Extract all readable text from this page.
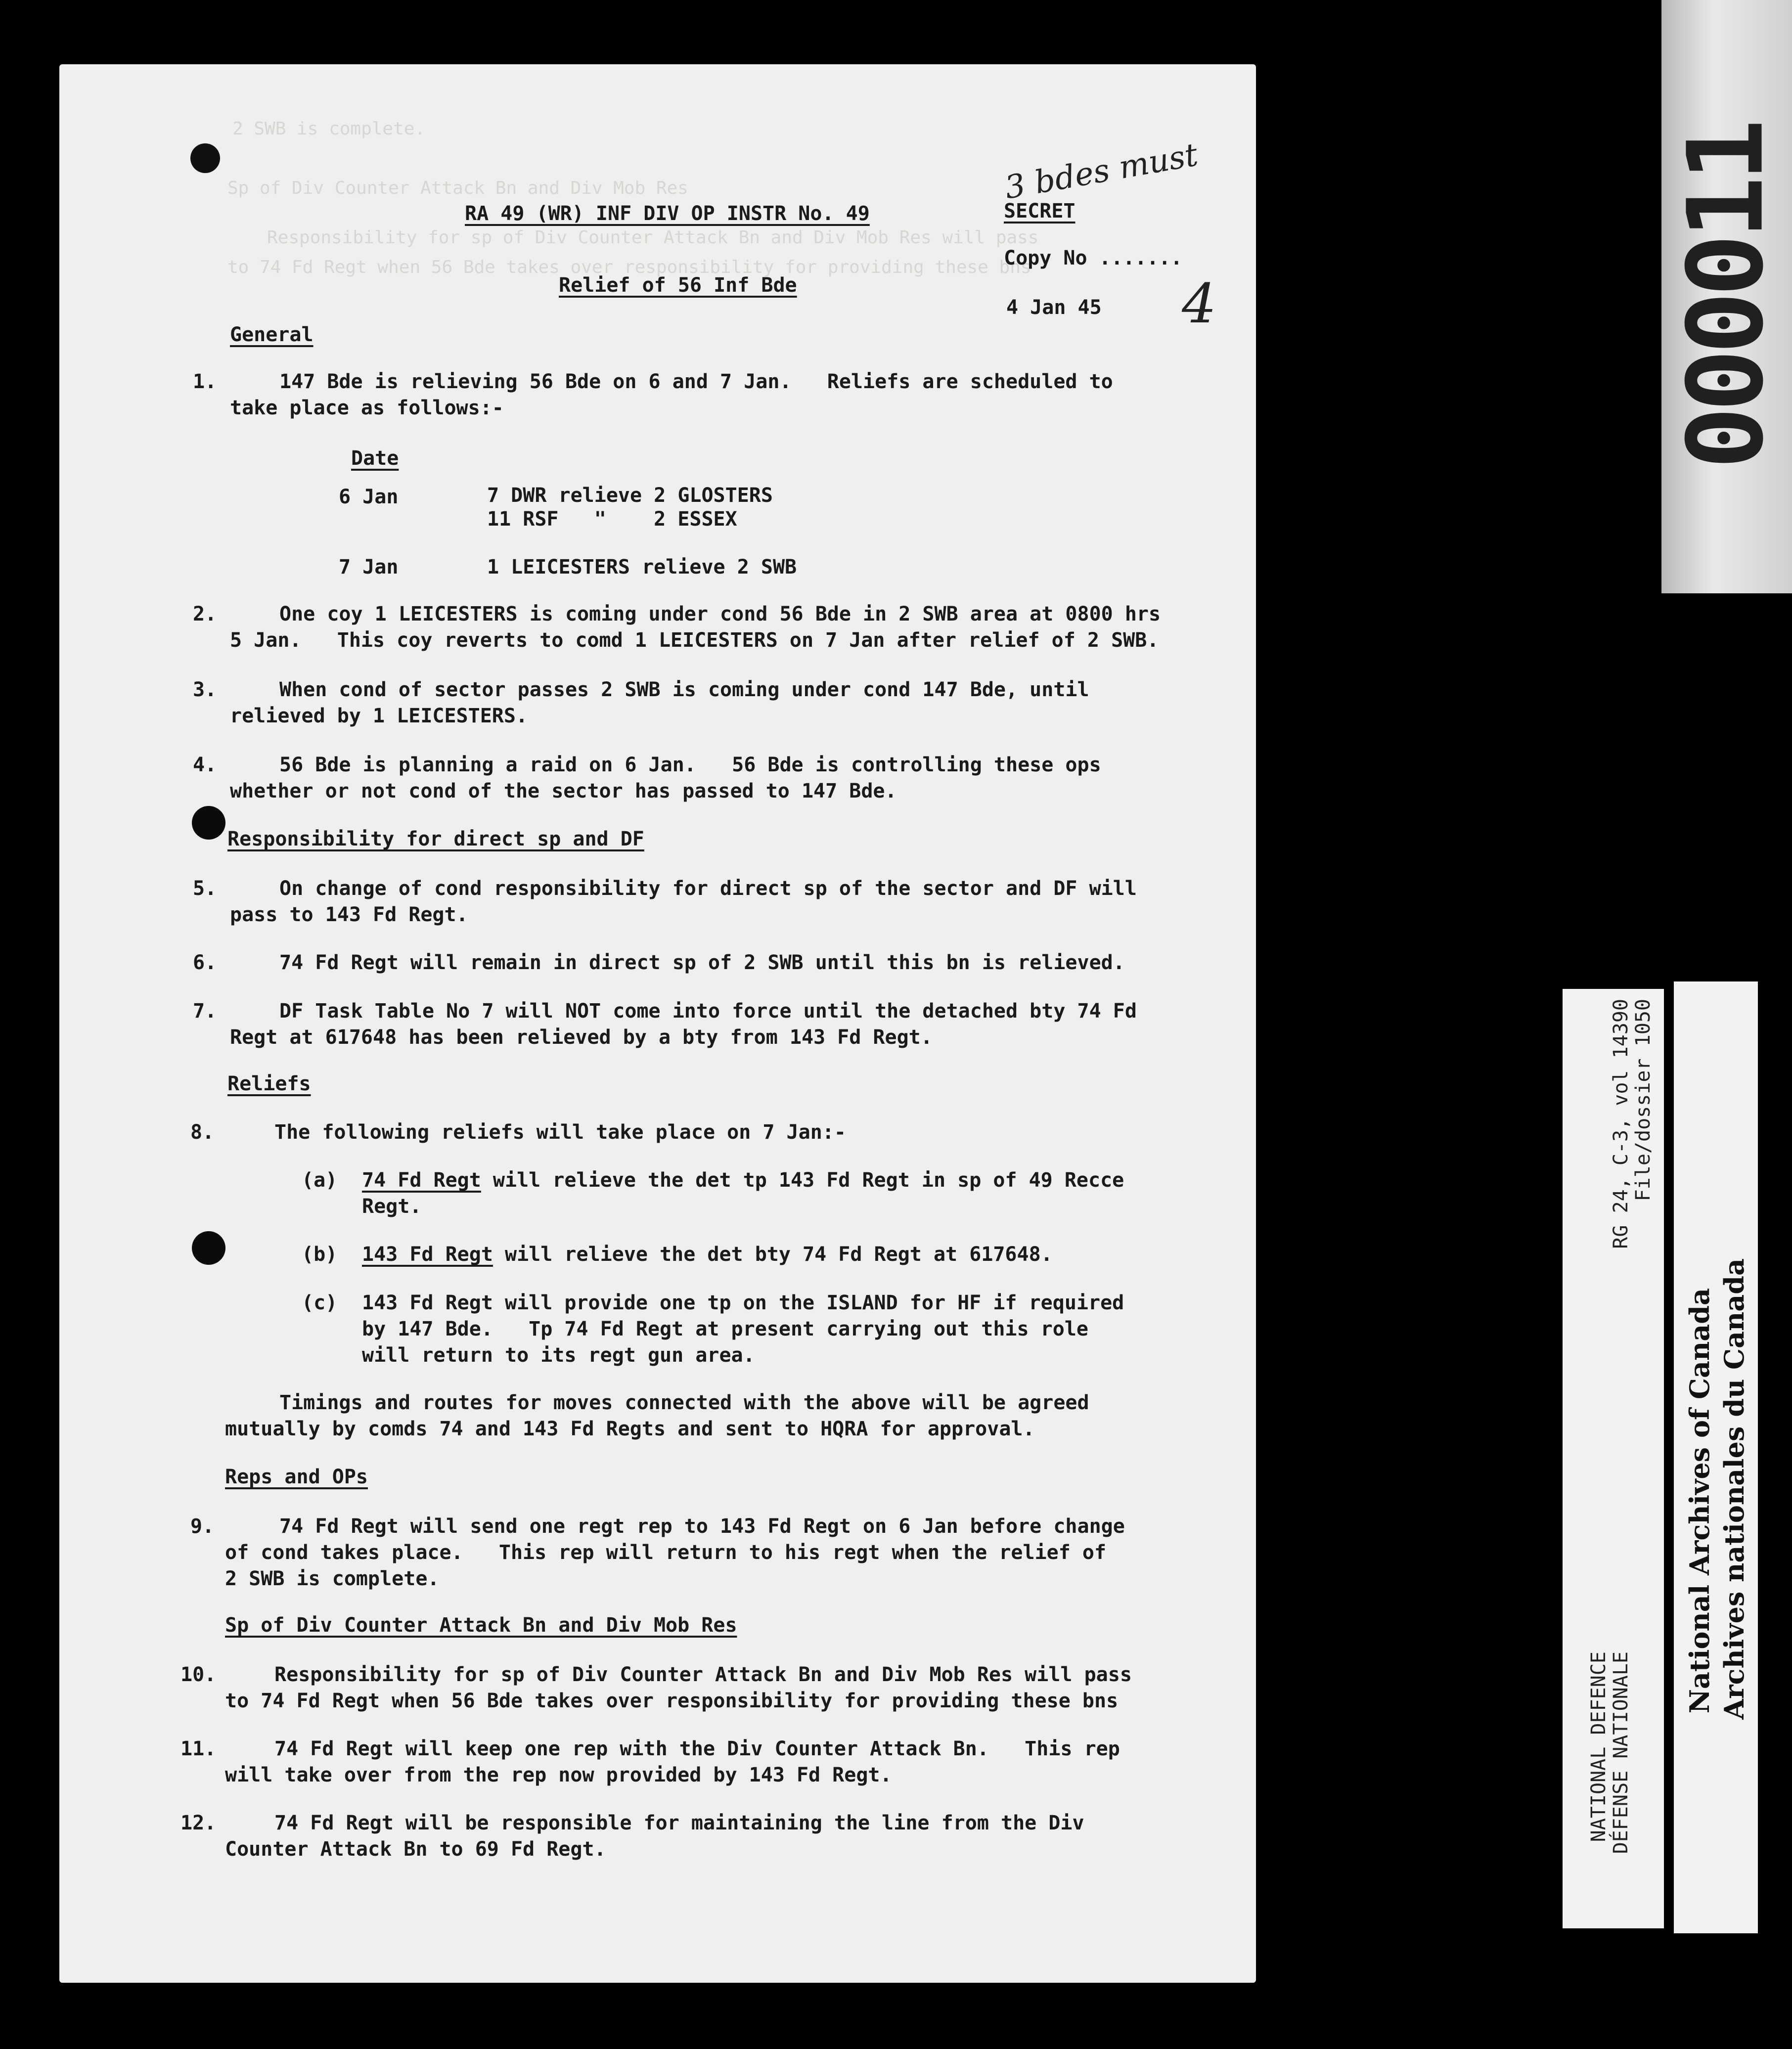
2 SWB is complete.
Sp of Div Counter Attack Bn and Div Mob Res
Responsibility for sp of Div Counter Attack Bn and Div Mob Res will pass
to 74 Fd Regt when 56 Bde takes over responsibility for providing these bns
3 bdes must
4
RA 49 (WR) INF DIV OP INSTR No. 49	SECRET
Copy No .......
Relief of 56 Inf Bde
4 Jan 45
General
1.	147 Bde is relieving 56 Bde on 6 and 7 Jan.   Reliefs are scheduled to
take place as follows:-
Date
6 Jan	7 DWR relieve 2 GLOSTERS
11 RSF   "    2 ESSEX
7 Jan	1 LEICESTERS relieve 2 SWB
2.	One coy 1 LEICESTERS is coming under cond 56 Bde in 2 SWB area at 0800 hrs
5 Jan.   This coy reverts to comd 1 LEICESTERS on 7 Jan after relief of 2 SWB.
3.	When cond of sector passes 2 SWB is coming under cond 147 Bde, until
relieved by 1 LEICESTERS.
4.	56 Bde is planning a raid on 6 Jan.   56 Bde is controlling these ops
whether or not cond of the sector has passed to 147 Bde.
Responsibility for direct sp and DF
5.	On change of cond responsibility for direct sp of the sector and DF will
pass to 143 Fd Regt.
6.	74 Fd Regt will remain in direct sp of 2 SWB until this bn is relieved.
7.	DF Task Table No 7 will NOT come into force until the detached bty 74 Fd
Regt at 617648 has been relieved by a bty from 143 Fd Regt.
Reliefs
8.	The following reliefs will take place on 7 Jan:-
(a) 74 Fd Regt will relieve the det tp 143 Fd Regt in sp of 49 Recce
Regt.
(b) 143 Fd Regt will relieve the det bty 74 Fd Regt at 617648.
(c) 143 Fd Regt will provide one tp on the ISLAND for HF if required
by 147 Bde.   Tp 74 Fd Regt at present carrying out this role
will return to its regt gun area.
Timings and routes for moves connected with the above will be agreed
mutually by comds 74 and 143 Fd Regts and sent to HQRA for approval.
Reps and OPs
9.	74 Fd Regt will send one regt rep to 143 Fd Regt on 6 Jan before change
of cond takes place.   This rep will return to his regt when the relief of
2 SWB is complete.
Sp of Div Counter Attack Bn and Div Mob Res
10.	Responsibility for sp of Div Counter Attack Bn and Div Mob Res will pass
to 74 Fd Regt when 56 Bde takes over responsibility for providing these bns
11.	74 Fd Regt will keep one rep with the Div Counter Attack Bn.   This rep
will take over from the rep now provided by 143 Fd Regt.
12.	74 Fd Regt will be responsible for maintaining the line from the Div
Counter Attack Bn to 69 Fd Regt.
000011
RG 24, C-3, vol 14390 File/dossier 1050
NATIONAL DEFENCE DÉFENSE NATIONALE
National Archives of Canada Archives nationales du Canada
